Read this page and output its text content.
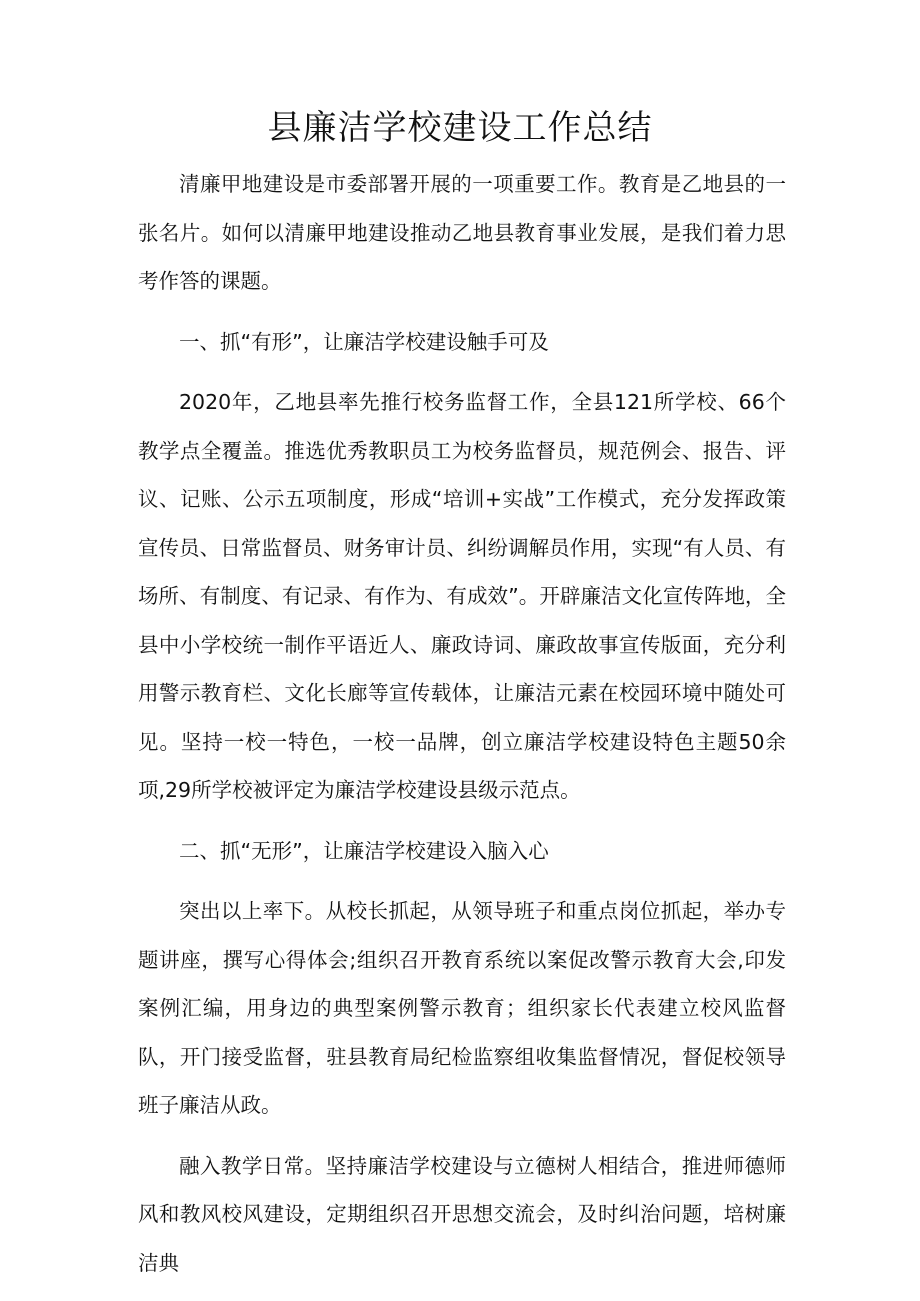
县廉洁学校建设工作总结

清廉甲地建设是市委部署开展的一项重要工作。教育是乙地县的一张名片。如何以清廉甲地建设推动乙地县教育事业发展，是我们着力思考作答的课题。

一、抓“有形”，让廉洁学校建设触手可及

2020年，乙地县率先推行校务监督工作，全县121所学校、66个教学点全覆盖。推选优秀教职员工为校务监督员，规范例会、报告、评议、记账、公示五项制度，形成“培训+实战”工作模式，充分发挥政策宣传员、日常监督员、财务审计员、纠纷调解员作用，实现“有人员、有场所、有制度、有记录、有作为、有成效”。开辟廉洁文化宣传阵地，全县中小学校统一制作平语近人、廉政诗词、廉政故事宣传版面，充分利用警示教育栏、文化长廊等宣传载体，让廉洁元素在校园环境中随处可见。坚持一校一特色，一校一品牌，创立廉洁学校建设特色主题50余项,29所学校被评定为廉洁学校建设县级示范点。

二、抓“无形”，让廉洁学校建设入脑入心

突出以上率下。从校长抓起，从领导班子和重点岗位抓起，举办专题讲座，撰写心得体会;组织召开教育系统以案促改警示教育大会,印发案例汇编，用身边的典型案例警示教育；组织家长代表建立校风监督队，开门接受监督，驻县教育局纪检监察组收集监督情况，督促校领导班子廉洁从政。

融入教学日常。坚持廉洁学校建设与立德树人相结合，推进师德师风和教风校风建设，定期组织召开思想交流会，及时纠治问题，培树廉洁典
